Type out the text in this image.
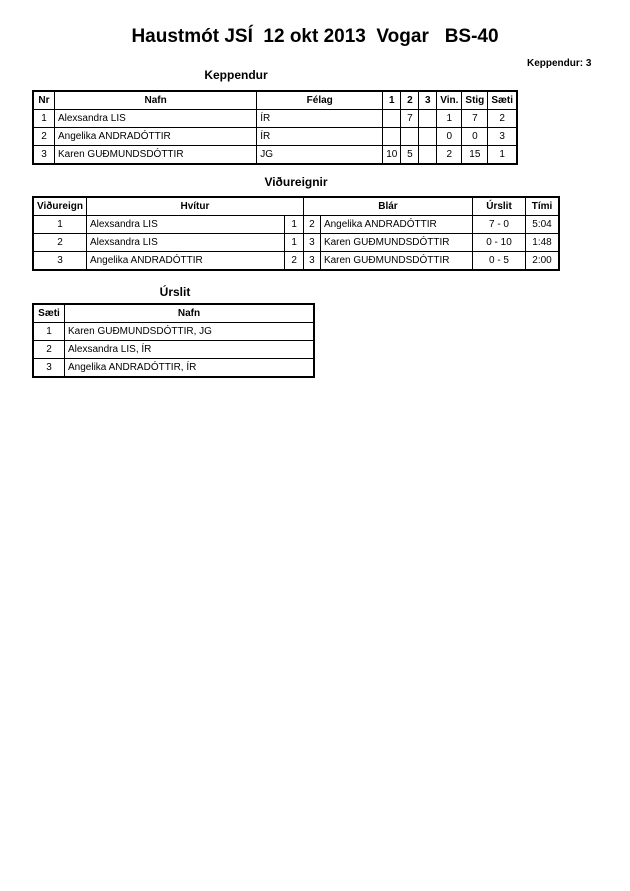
Haustmót JSÍ  12 okt 2013  Vogar   BS-40
Keppendur: 3
Keppendur
Nr	Nafn	Félag	1	2	3	Vin.	Stig	Sæti
1	Alexsandra LIS	ÍR		7		1	7	2
2	Angelika ANDRADÓTTIR	ÍR				0	0	3
3	Karen GUÐMUNDSDÓTTIR	JG	10	5		2	15	1
Viðureignir
Viðureign	Hvítur		Blár		Úrslit	Tími
1	Alexsandra LIS	1	2	Angelika ANDRADÓTTIR	7 - 0	5:04
2	Alexsandra LIS	1	3	Karen GUÐMUNDSDÓTTIR	0 - 10	1:48
3	Angelika ANDRADÓTTIR	2	3	Karen GUÐMUNDSDÓTTIR	0 - 5	2:00
Úrslit
Sæti	Nafn
1	Karen GUÐMUNDSDÓTTIR, JG
2	Alexsandra LIS, ÍR
3	Angelika ANDRADÓTTIR, ÍR
